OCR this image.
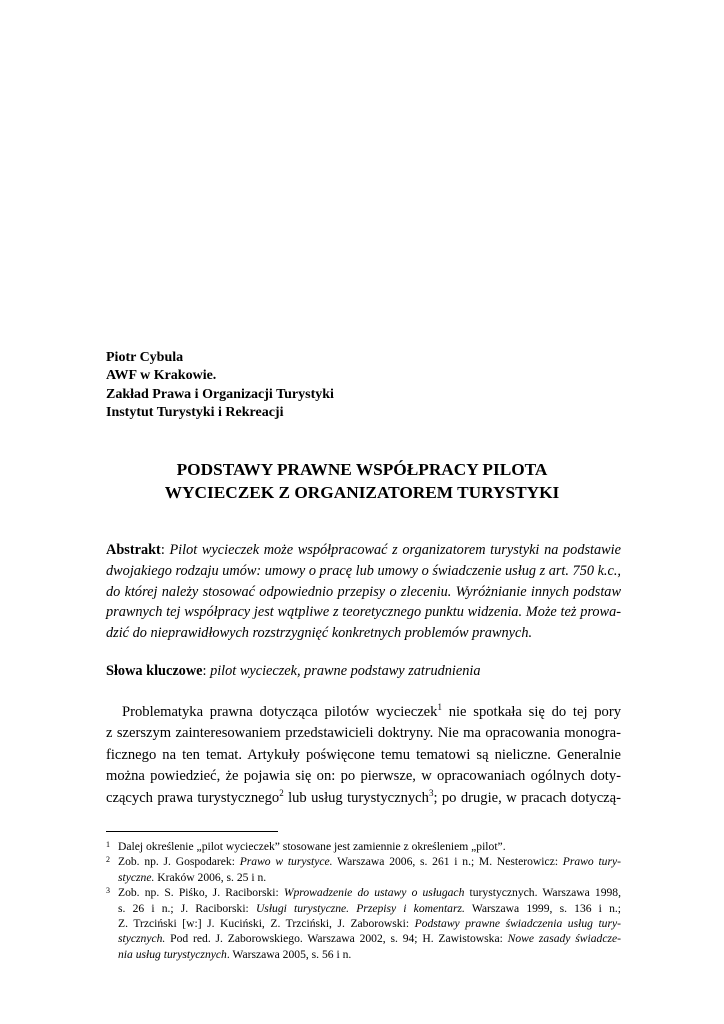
Piotr Cybula
AWF w Krakowie.
Zakład Prawa i Organizacji Turystyki
Instytut Turystyki i Rekreacji
PODSTAWY PRAWNE WSPÓŁPRACY PILOTA
WYCIECZEK Z ORGANIZATOREM TURYSTYKI
Abstrakt: Pilot wycieczek może współpracować z organizatorem turystyki na podstawie
dwojakiego rodzaju umów: umowy o pracę lub umowy o świadczenie usług z art. 750 k.c.,
do której należy stosować odpowiednio przepisy o zleceniu. Wyróżnianie innych podstaw
prawnych tej współpracy jest wątpliwe z teoretycznego punktu widzenia. Może też prowa-
dzić do nieprawidłowych rozstrzygnięć konkretnych problemów prawnych.
Słowa kluczowe: pilot wycieczek, prawne podstawy zatrudnienia
Problematyka prawna dotycząca pilotów wycieczek$^1$ nie spotkała się do tej pory
z szerszym zainteresowaniem przedstawicieli doktryny. Nie ma opracowania monogra-
ficznego na ten temat. Artykuły poświęcone temu tematowi są nieliczne. Generalnie
można powiedzieć, że pojawia się on: po pierwsze, w opracowaniach ogólnych doty-
czących prawa turystycznego$^2$ lub usług turystycznych$^3$; po drugie, w pracach dotyczą-
1 Dalej określenie „pilot wycieczek” stosowane jest zamiennie z określeniem „pilot”.
2 Zob. np. J. Gospodarek: Prawo w turystyce. Warszawa 2006, s. 261 i n.; M. Nesterowicz: Prawo tury-
styczne. Kraków 2006, s. 25 i n.
3 Zob. np. S. Piśko, J. Raciborski: Wprowadzenie do ustawy o usługach turystycznych. Warszawa 1998,
s. 26 i n.; J. Raciborski: Usługi turystyczne. Przepisy i komentarz. Warszawa 1999, s. 136 i n.;
Z. Trzciński [w:] J. Kuciński, Z. Trzciński, J. Zaborowski: Podstawy prawne świadczenia usług tury-
stycznych. Pod red. J. Zaborowskiego. Warszawa 2002, s. 94; H. Zawistowska: Nowe zasady świadcze-
nia usług turystycznych. Warszawa 2005, s. 56 i n.
